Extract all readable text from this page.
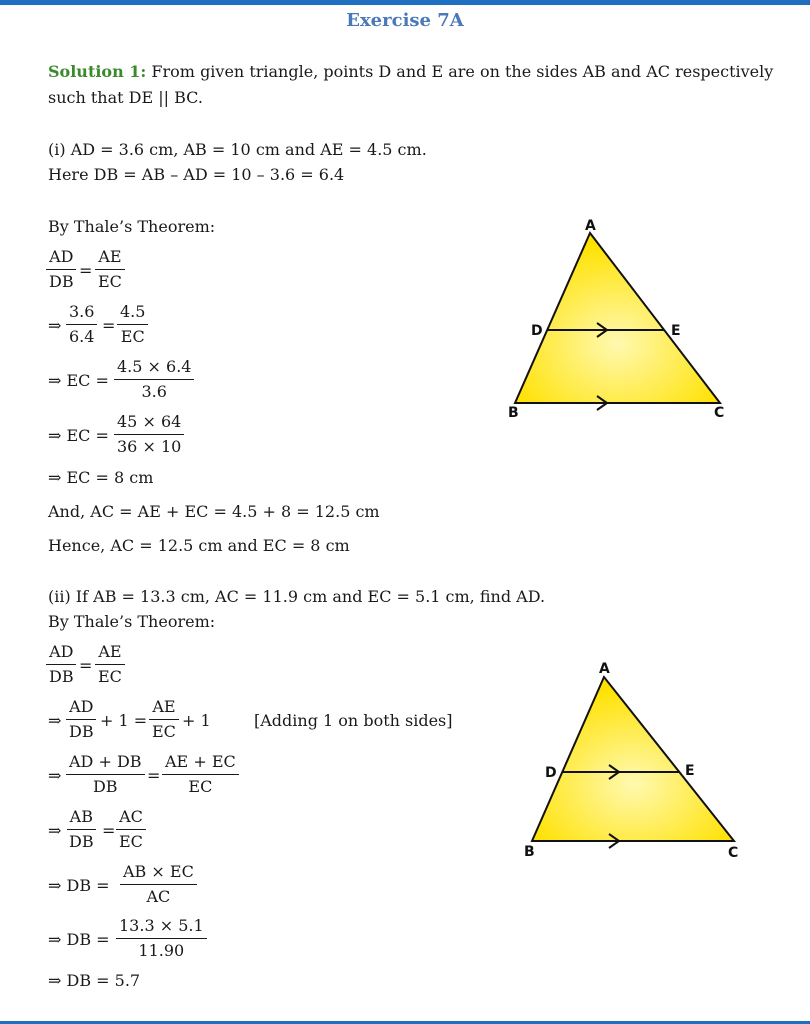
Exercise 7A
Solution 1: From given triangle, points D and E are on the sides AB and AC respectively
such that DE || BC.
(i) AD = 3.6 cm, AB = 10 cm and AE = 4.5 cm.
Here DB = AB – AD = 10 – 3.6 = 6.4
By Thale’s Theorem:
$\frac{AD}{DB} = \frac{AE}{EC}$
⇒ $\frac{3.6}{6.4} = \frac{4.5}{EC}$
⇒ EC = $\frac{4.5 \times 6.4}{3.6}$
⇒ EC = $\frac{45 \times 64}{36 \times 10}$
⇒ EC = 8 cm
And, AC = AE + EC = 4.5 + 8 = 12.5 cm
Hence, AC = 12.5 cm and EC = 8 cm
(ii) If AB = 13.3 cm, AC = 11.9 cm and EC = 5.1 cm, find AD.
By Thale’s Theorem:
$\frac{AD}{DB} = \frac{AE}{EC}$
⇒ $\frac{AD}{DB} + 1 = \frac{AE}{EC} + 1$	[Adding 1 on both sides]
⇒ $\frac{AD + DB}{DB} = \frac{AE + EC}{EC}$
⇒ $\frac{AB}{DB} = \frac{AC}{EC}$
⇒ DB = $\frac{AB \times EC}{AC}$
⇒ DB = $\frac{13.3 \times 5.1}{11.90}$
⇒ DB = 5.7
A
D	E
B	C
A
D	E
B	C
